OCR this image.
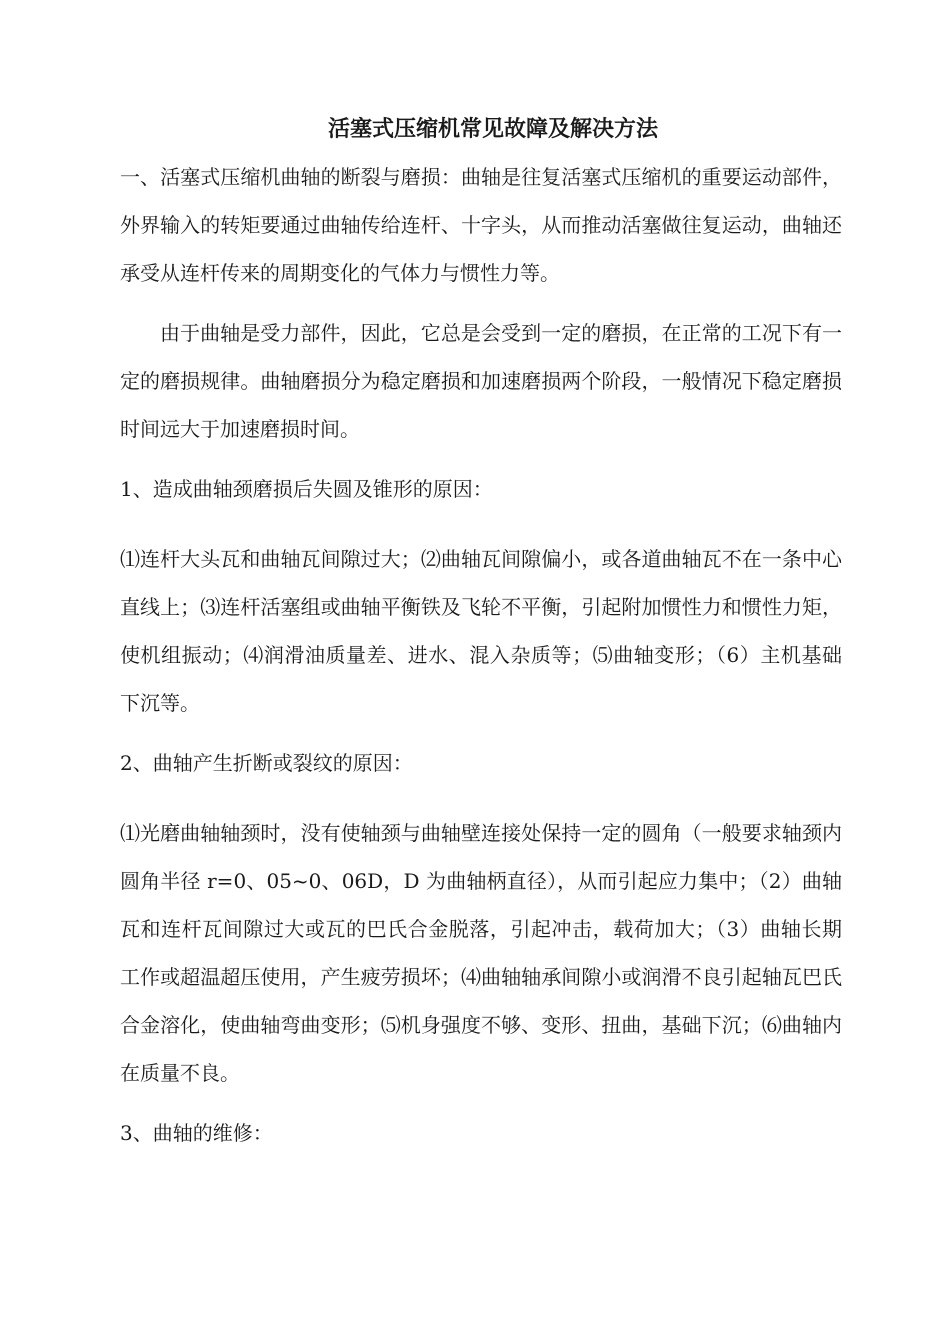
活塞式压缩机常见故障及解决方法

一、活塞式压缩机曲轴的断裂与磨损：曲轴是往复活塞式压缩机的重要运动部件，外界输入的转矩要通过曲轴传给连杆、十字头，从而推动活塞做往复运动，曲轴还承受从连杆传来的周期变化的气体力与惯性力等。

由于曲轴是受力部件，因此，它总是会受到一定的磨损，在正常的工况下有一定的磨损规律。曲轴磨损分为稳定磨损和加速磨损两个阶段，一般情况下稳定磨损时间远大于加速磨损时间。

1、造成曲轴颈磨损后失圆及锥形的原因：

⑴连杆大头瓦和曲轴瓦间隙过大；⑵曲轴瓦间隙偏小，或各道曲轴瓦不在一条中心直线上；⑶连杆活塞组或曲轴平衡铁及飞轮不平衡，引起附加惯性力和惯性力矩，使机组振动；⑷润滑油质量差、进水、混入杂质等；⑸曲轴变形；（6）主机基础下沉等。

2、曲轴产生折断或裂纹的原因：

⑴光磨曲轴轴颈时，没有使轴颈与曲轴壁连接处保持一定的圆角（一般要求轴颈内圆角半径 r=0、05~0、06D，D 为曲轴柄直径），从而引起应力集中；（2）曲轴瓦和连杆瓦间隙过大或瓦的巴氏合金脱落，引起冲击，载荷加大；（3）曲轴长期工作或超温超压使用，产生疲劳损坏；⑷曲轴轴承间隙小或润滑不良引起轴瓦巴氏合金溶化，使曲轴弯曲变形；⑸机身强度不够、变形、扭曲，基础下沉；⑹曲轴内在质量不良。

3、曲轴的维修：
